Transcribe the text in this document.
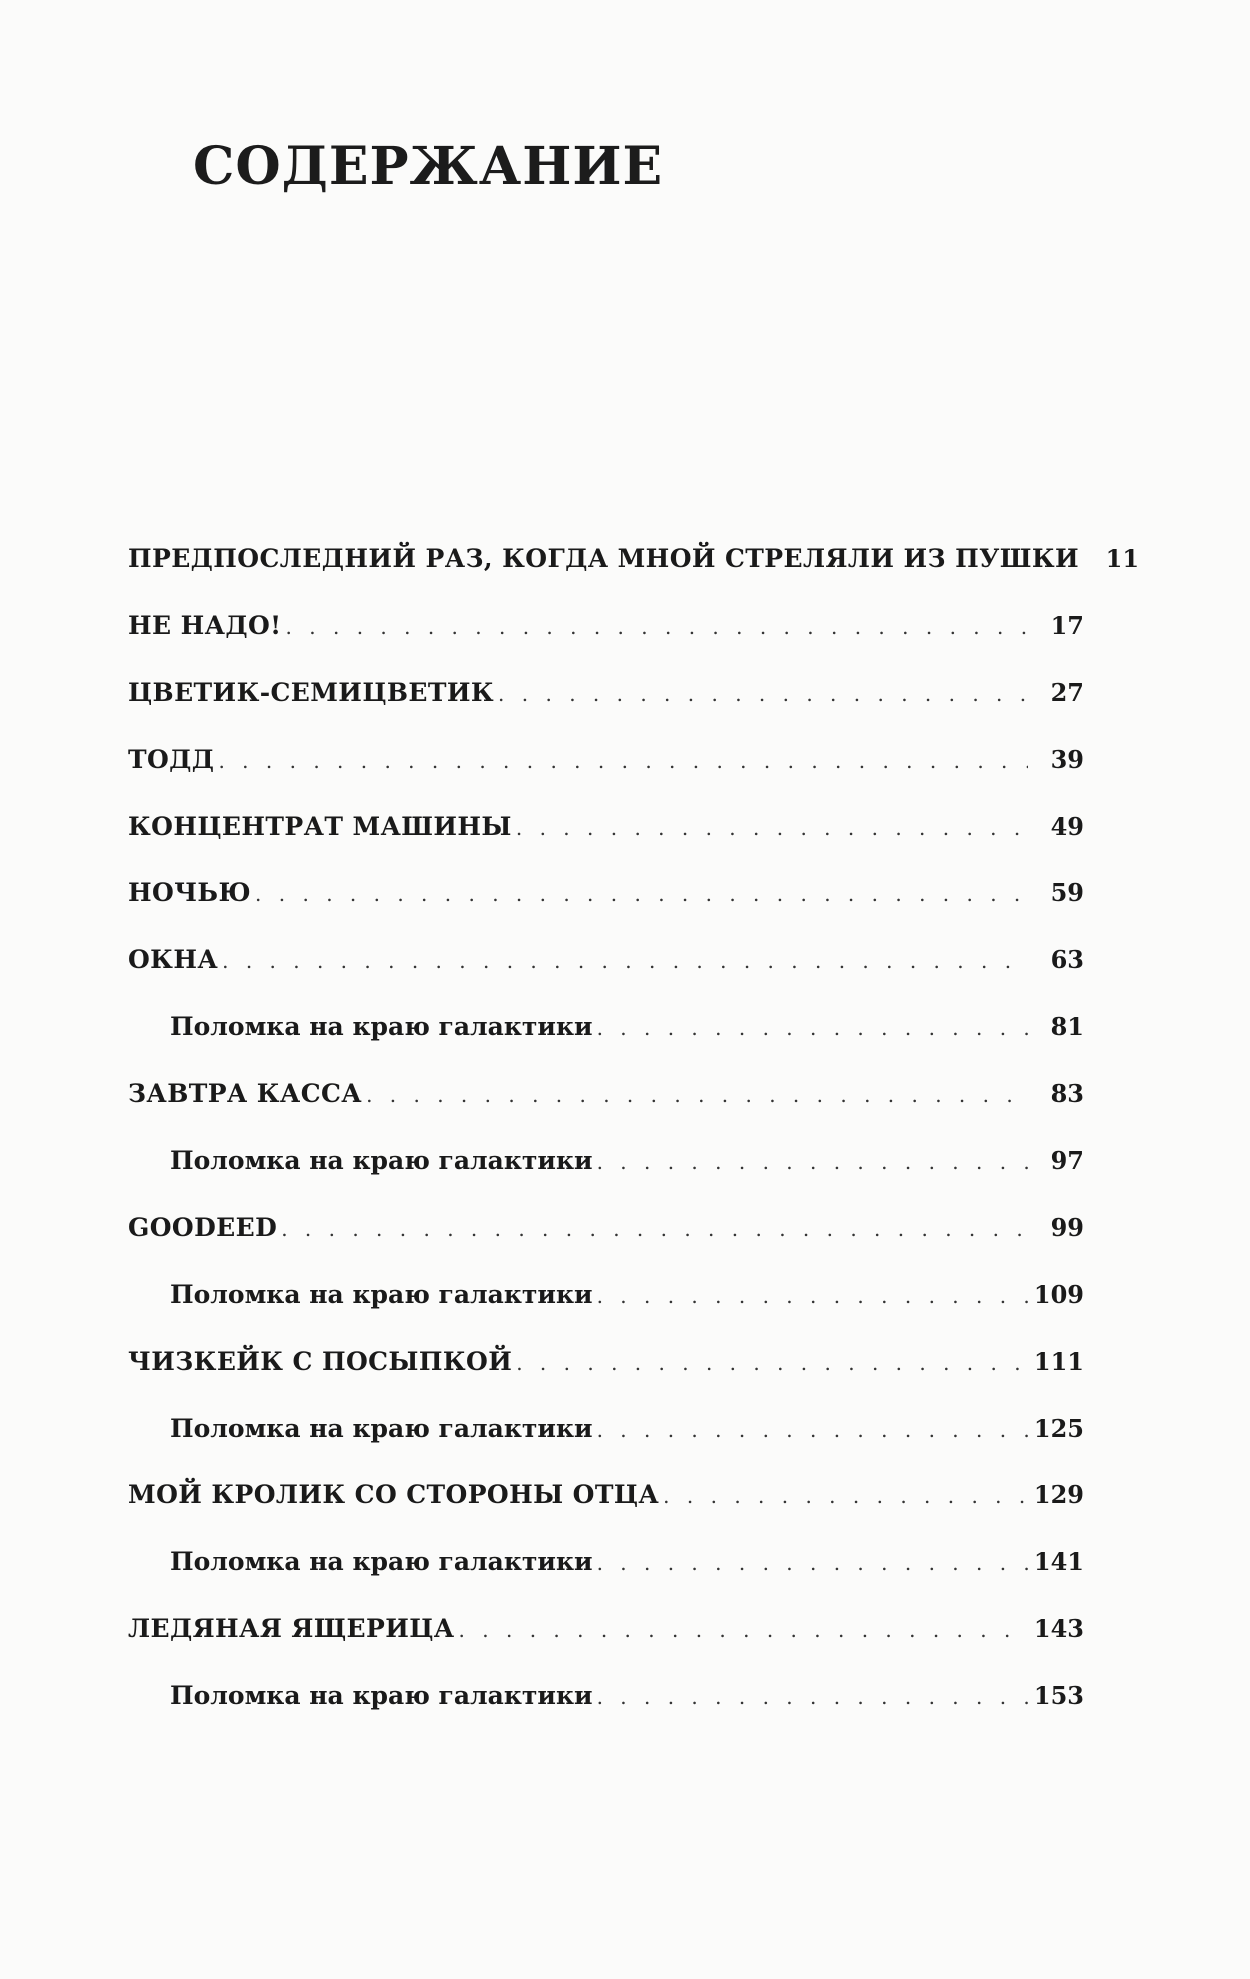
СОДЕРЖАНИЕ
ПРЕДПОСЛЕДНИЙ РАЗ, КОГДА МНОЙ СТРЕЛЯЛИ ИЗ ПУШКИ	11
НЕ НАДО! . . .	17
ЦВЕТИК-СЕМИЦВЕТИК . . .	27
ТОДД . . .	39
КОНЦЕНТРАТ МАШИНЫ . . .	49
НОЧЬЮ . . .	59
ОКНА . . .	63
Поломка на краю галактики . . .	81
ЗАВТРА КАССА . . .	83
Поломка на краю галактики . . .	97
GOODEED . . .	99
Поломка на краю галактики . . .	109
ЧИЗКЕЙК С ПОСЫПКОЙ . . .	111
Поломка на краю галактики . . .	125
МОЙ КРОЛИК СО СТОРОНЫ ОТЦА . . .	129
Поломка на краю галактики . . .	141
ЛЕДЯНАЯ ЯЩЕРИЦА . . .	143
Поломка на краю галактики . . .	153
